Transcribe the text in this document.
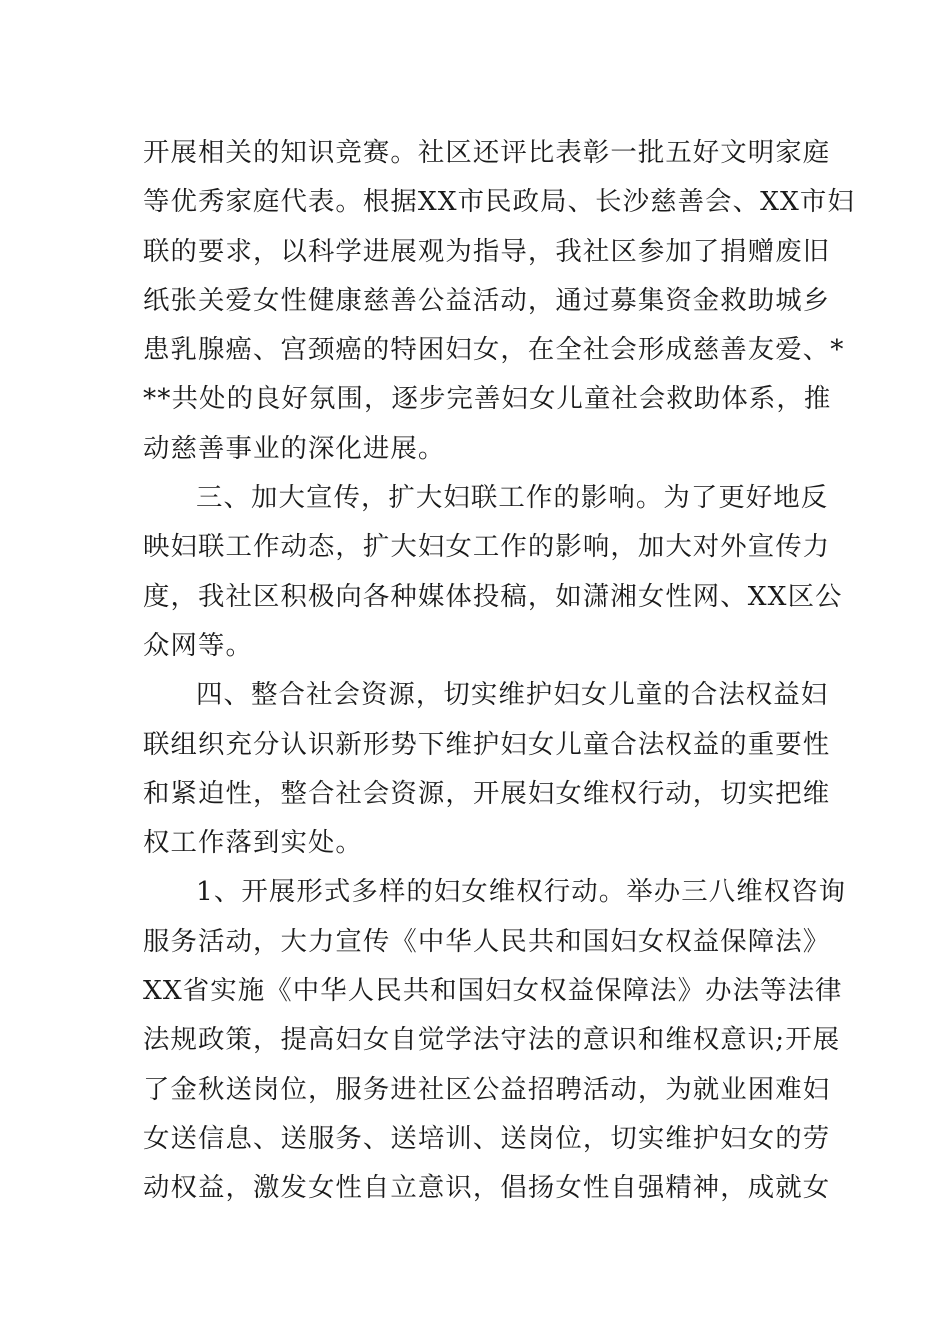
开展相关的知识竞赛。社区还评比表彰一批五好文明家庭
等优秀家庭代表。根据XX市民政局、长沙慈善会、XX市妇
联的要求，以科学进展观为指导，我社区参加了捐赠废旧
纸张关爱女性健康慈善公益活动，通过募集资金救助城乡
患乳腺癌、宫颈癌的特困妇女，在全社会形成慈善友爱、*
**共处的良好氛围，逐步完善妇女儿童社会救助体系，推
动慈善事业的深化进展。
三、加大宣传，扩大妇联工作的影响。为了更好地反
映妇联工作动态，扩大妇女工作的影响，加大对外宣传力
度，我社区积极向各种媒体投稿，如潇湘女性网、XX区公
众网等。
四、整合社会资源，切实维护妇女儿童的合法权益妇
联组织充分认识新形势下维护妇女儿童合法权益的重要性
和紧迫性，整合社会资源，开展妇女维权行动，切实把维
权工作落到实处。
1、开展形式多样的妇女维权行动。举办三八维权咨询
服务活动，大力宣传《中华人民共和国妇女权益保障法》
XX省实施《中华人民共和国妇女权益保障法》办法等法律
法规政策，提高妇女自觉学法守法的意识和维权意识;开展
了金秋送岗位，服务进社区公益招聘活动，为就业困难妇
女送信息、送服务、送培训、送岗位，切实维护妇女的劳
动权益，激发女性自立意识，倡扬女性自强精神，成就女
